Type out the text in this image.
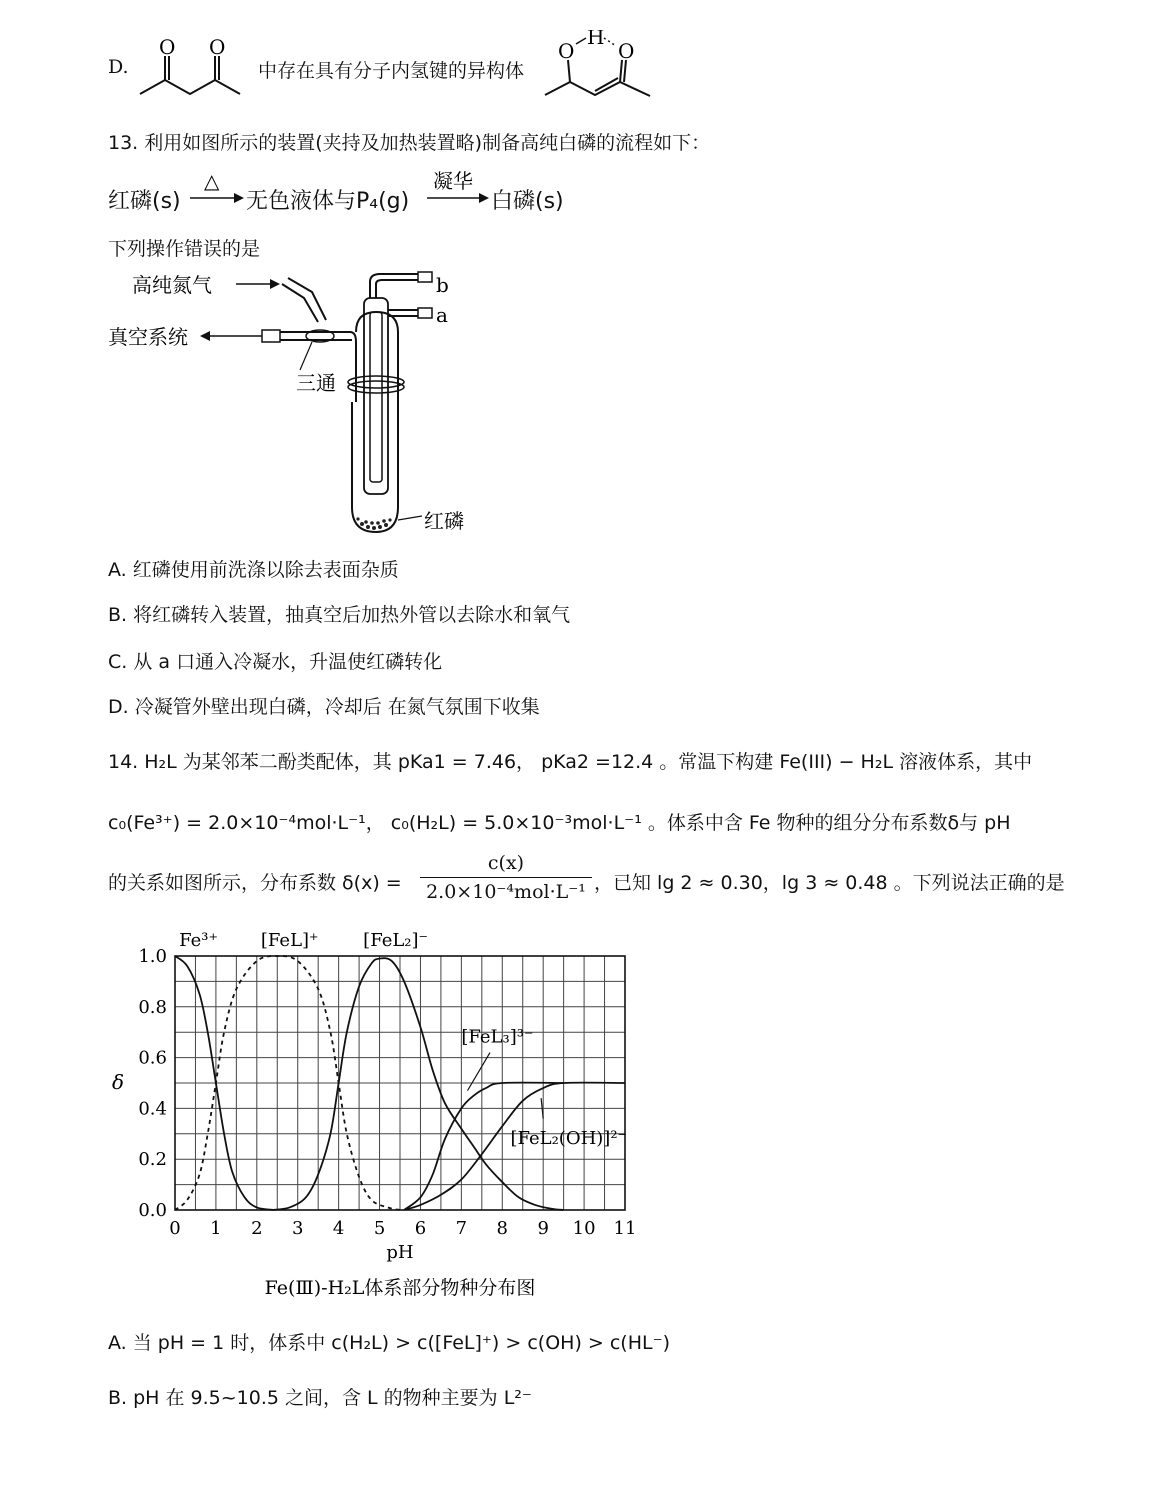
D.
O O
中存在具有分子内氢键的异构体
O O
H
13. 利用如图所示的装置(夹持及加热装置略)制备高纯白磷的流程如下：
红磷(s)
△
无色液体与P₄(g)
凝华
白磷(s)
下列操作错误的是
高纯氮气
真空系统
三通
b
a
红磷
A. 红磷使用前洗涤以除去表面杂质
B. 将红磷转入装置，抽真空后加热外管以去除水和氧气
C. 从 a 口通入冷凝水，升温使红磷转化
D. 冷凝管外壁出现白磷，冷却后 在氮气氛围下收集
14. H₂L 为某邻苯二酚类配体，其 pKa1 = 7.46， pKa2 =12.4 。常温下构建 Fe(III) − H₂L 溶液体系，其中
c₀(Fe³⁺) = 2.0×10⁻⁴mol·L⁻¹， c₀(H₂L) = 5.0×10⁻³mol·L⁻¹ 。体系中含 Fe 物种的组分分布系数δ与 pH
的关系如图所示，分布系数 δ(x) =
c(x)
2.0×10⁻⁴mol·L⁻¹ ，已知 lg 2 ≈ 0.30，lg 3 ≈ 0.48 。下列说法正确的是
0 1 2 3 4 5 6 7 8 9 10 11
0.0
0.2
0.4
0.6
0.8
1.0
pH
δ
Fe³⁺ [FeL]⁺ [FeL₂]⁻
[FeL₃]³⁻
[FeL₂(OH)]²⁻
Fe(Ⅲ)-H₂L体系部分物种分布图
A. 当 pH = 1 时，体系中 c(H₂L) > c([FeL]⁺) > c(OH) > c(HL⁻)
B. pH 在 9.5~10.5 之间，含 L 的物种主要为 L²⁻
